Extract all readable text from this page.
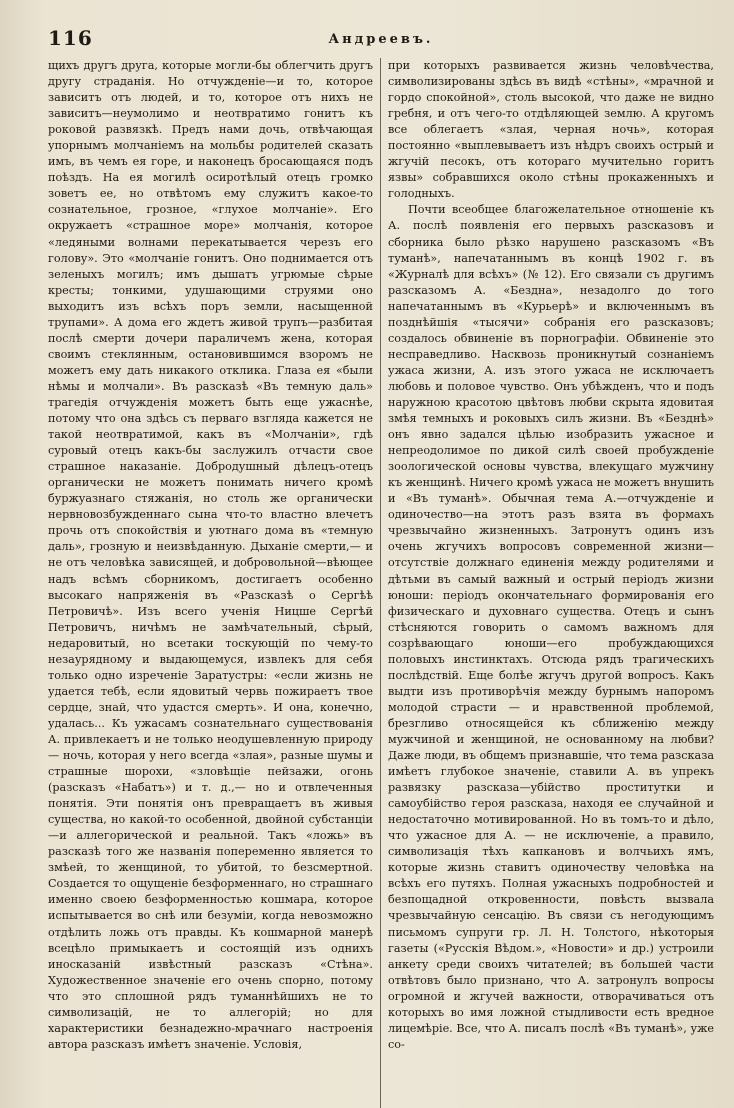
116	Андреевъ.

щихъ другъ друга, которые могли-бы облегчить другъ другу страданія. Но отчужденіе—и то, которое зависитъ отъ людей, и то, которое отъ нихъ не зависитъ—неумолимо и неотвратимо гонитъ къ роковой развязкѣ. Предъ нами дочь, отвѣчающая упорнымъ молчаніемъ на мольбы родителей сказать имъ, въ чемъ ея горе, и наконецъ бросающаяся подъ поѣздъ. На ея могилѣ осиротѣлый отецъ громко зоветъ ее, но отвѣтомъ ему служитъ какое-то сознательное, грозное, «глухое молчаніе». Его окружаетъ «страшное море» молчанія, которое «ледяными волнами перекатывается черезъ его голову». Это «молчаніе гонитъ. Оно поднимается отъ зеленыхъ могилъ; имъ дышатъ угрюмые сѣрые кресты; тонкими, удушающими струями оно выходитъ изъ всѣхъ поръ земли, насыщенной трупами». А дома его ждетъ живой трупъ—разбитая послѣ смерти дочери параличемъ жена, которая своимъ стеклянным, остановившимся взоромъ не можетъ ему дать никакого отклика. Глаза ея «были нѣмы и молчали». Въ разсказѣ «Въ темную даль» трагедія отчужденія можетъ быть еще ужаснѣе, потому что она здѣсь съ перваго взгляда кажется не такой неотвратимой, какъ въ «Молчаніи», гдѣ суровый отецъ какъ-бы заслужилъ отчасти свое страшное наказаніе. Добродушный дѣлецъ-отецъ органически не можетъ понимать ничего кромѣ буржуазнаго стяжанія, но столь же органически нервновозбужденнаго сына что-то властно влечетъ прочь отъ спокойствія и уютнаго дома въ «темную даль», грозную и неизвѣданную. Дыханіе смерти,— и не отъ человѣка зависящей, и добровольной—вѣющее надъ всѣмъ сборникомъ, достигаетъ особенно высокаго напряженія въ «Разсказѣ о Сергѣѣ Петровичѣ». Изъ всего ученія Ницше Сергѣй Петровичъ, ничѣмъ не замѣчательный, сѣрый, недаровитый, но всетаки тоскующій по чему-то незаурядному и выдающемуся, извлекъ для себя только одно изреченіе Заратустры: «если жизнь не удается тебѣ, если ядовитый червь пожираетъ твое сердце, знай, что удастся смерть». И она, конечно, удалась... Къ ужасамъ сознательнаго существованія А. привлекаетъ и не только неодушевленную природу — ночь, которая у него всегда «злая», разные шумы и страшные шорохи, «зловѣщіе пейзажи, огонь (разсказъ «Набатъ») и т. д.,— но и отвлеченныя понятія. Эти понятія онъ превращаетъ въ живыя существа, но какой-то особенной, двойной субстанціи—и аллегорической и реальной. Такъ «ложь» въ разсказѣ того же названія попеременно является то змѣей, то женщиной, то убитой, то безсмертной. Создается то ощущеніе безформеннаго, но страшнаго именно своею безформенностью кошмара, которое испытывается во снѣ или безуміи, когда невозможно отдѣлить ложь отъ правды. Къ кошмарной манерѣ всецѣло примыкаетъ и состоящій изъ однихъ иносказаній извѣстный разсказъ «Стѣна». Художественное значеніе его очень спорно, потому что это сплошной рядъ туманнѣйшихъ не то символизацій, не то аллегорій; но для характеристики безнадежно-мрачнаго настроенія автора разсказъ имѣетъ значеніе. Условія,

при которыхъ развивается жизнь человѣчества, символизированы здѣсь въ видѣ «стѣны», «мрачной и гордо спокойной», столь высокой, что даже не видно гребня, и отъ чего-то отдѣляющей землю. А кругомъ все облегаетъ «злая, черная ночь», которая постоянно «выплевываетъ изъ нѣдръ своихъ острый и жгучій песокъ, отъ котораго мучительно горитъ язвы» собравшихся около стѣны прокаженныхъ и голодныхъ.

Почти всеобщее благожелательное отношеніе къ А. послѣ появленія его первыхъ разсказовъ и сборника было рѣзко нарушено разсказомъ «Въ туманѣ», напечатаннымъ въ концѣ 1902 г. въ «Журналѣ для всѣхъ» (№ 12). Его связали съ другимъ разсказомъ А. «Бездна», незадолго до того напечатаннымъ въ «Курьерѣ» и включеннымъ въ позднѣйшія «тысячи» собранія его разсказовъ; создалось обвиненіе въ порнографіи. Обвиненіе это несправедливо. Насквозь проникнутый сознаніемъ ужаса жизни, А. изъ этого ужаса не исключаетъ любовь и половое чувство. Онъ убѣжденъ, что и подъ наружною красотою цвѣтовъ любви скрыта ядовитая змѣя темныхъ и роковыхъ силъ жизни. Въ «Безднѣ» онъ явно задался цѣлью изобразить ужасное и непреодолимое по дикой силѣ своей пробужденіе зоологической основы чувства, влекущаго мужчину къ женщинѣ. Ничего кромѣ ужаса не можетъ внушить и «Въ туманѣ». Обычная тема А.—отчужденіе и одиночество—на этотъ разъ взята въ формахъ чрезвычайно жизненныхъ. Затронутъ одинъ изъ очень жгучихъ вопросовъ современной жизни—отсутствіе должнаго единенія между родителями и дѣтьми въ самый важный и острый періодъ жизни юноши: періодъ окончательнаго формированія его физическаго и духовнаго существа. Отецъ и сынъ стѣсняются говорить о самомъ важномъ для созрѣвающаго юноши—его пробуждающихся половыхъ инстинктахъ. Отсюда рядъ трагическихъ послѣдствій. Еще болѣе жгучъ другой вопросъ. Какъ выдти изъ противорѣчія между бурнымъ напоромъ молодой страсти — и нравственной проблемой, брезгливо относящейся къ сближенію между мужчиной и женщиной, не основанному на любви? Даже люди, въ общемъ признавшіе, что тема разсказа имѣетъ глубокое значеніе, ставили А. въ упрекъ развязку разсказа—убійство проститутки и самоубійство героя разсказа, находя ее случайной и недостаточно мотивированной. Но въ томъ-то и дѣло, что ужасное для А. — не исключеніе, а правило, символизація тѣхъ капкановъ и волчьихъ ямъ, которые жизнь ставитъ одиночеству человѣка на всѣхъ его путяхъ. Полная ужасныхъ подробностей и безпощадной откровенности, повѣсть вызвала чрезвычайную сенсацію. Въ связи съ негодующимъ письмомъ супруги гр. Л. Н. Толстого, нѣкоторыя газеты («Русскія Вѣдом.», «Новости» и др.) устроили анкету среди своихъ читателей; въ большей части отвѣтовъ было признано, что А. затронулъ вопросы огромной и жгучей важности, отворачиваться отъ которыхъ во имя ложной стыдливости есть вредное лицемѣріе. Все, что А. писалъ послѣ «Въ туманѣ», уже со-
